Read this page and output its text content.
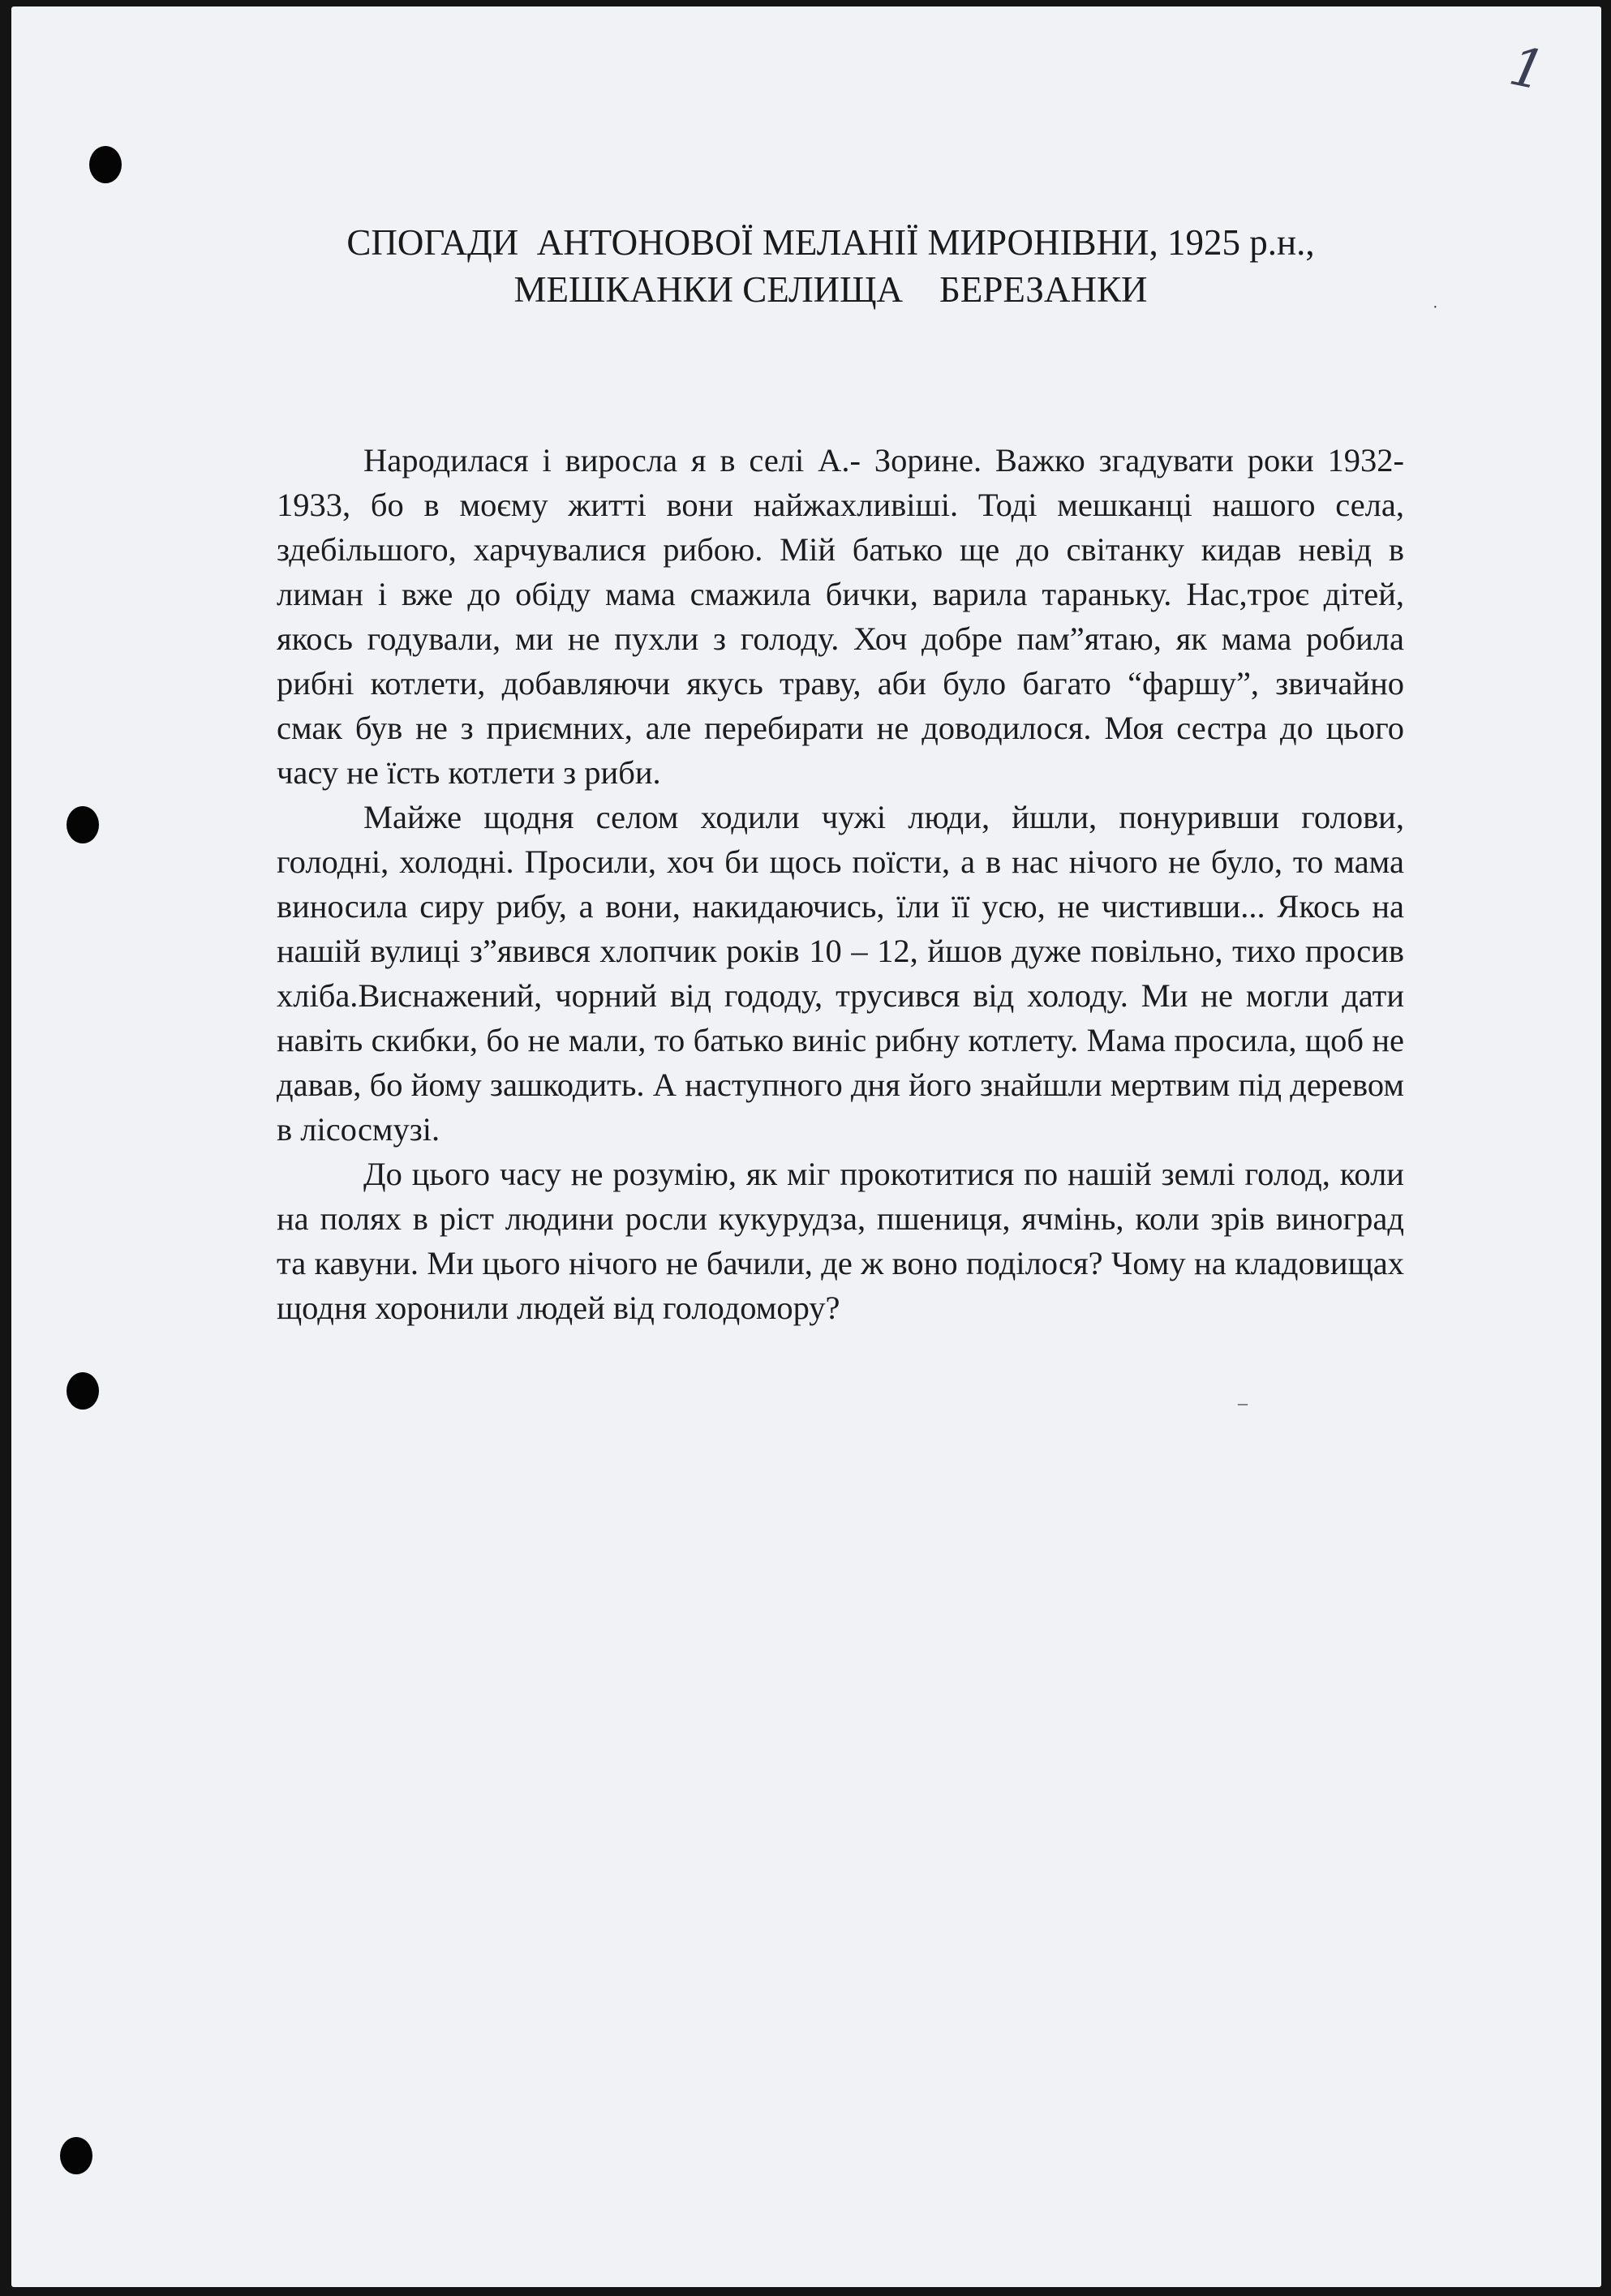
1
СПОГАДИ  АНТОНОВОЇ МЕЛАНІЇ МИРОНІВНИ, 1925 р.н.,
МЕШКАНКИ СЕЛИЩА    БЕРЕЗАНКИ

Народилася і виросла я в селі А.- Зорине. Важко згадувати роки 1932-1933, бо в моєму житті вони найжахливіші. Тоді мешканці нашого села, здебільшого, харчувалися рибою. Мій батько ще до світанку кидав невід в лиман і вже до обіду мама смажила бички, варила тараньку. Нас,троє дітей, якось годували, ми не пухли з голоду. Хоч добре пам”ятаю, як мама робила рибні котлети, добавляючи якусь траву, аби було багато “фаршу”, звичайно смак був не з приємних, але перебирати не доводилося. Моя сестра до цього часу не їсть котлети з риби.

Майже щодня селом ходили чужі люди, йшли, понуривши голови, голодні, холодні. Просили, хоч би щось поїсти, а в нас нічого не було, то мама виносила сиру рибу, а вони, накидаючись, їли її усю, не чистивши... Якось на нашій вулиці з”явився хлопчик років 10 – 12, йшов дуже повільно, тихо просив хліба.Виснажений, чорний від гододу, трусився від холоду. Ми не могли дати навіть скибки, бо не мали, то батько виніс рибну котлету. Мама просила, щоб не давав, бо йому зашкодить. А наступного дня його знайшли мертвим під деревом в лісосмузі.

До цього часу не розумію, як міг прокотитися по нашій землі голод, коли на полях в ріст людини росли кукурудза, пшениця, ячмінь, коли зрів виноград та кавуни. Ми цього нічого не бачили, де ж воно поділося? Чому на кладовищах щодня хоронили людей від голодомору?

¯
·
